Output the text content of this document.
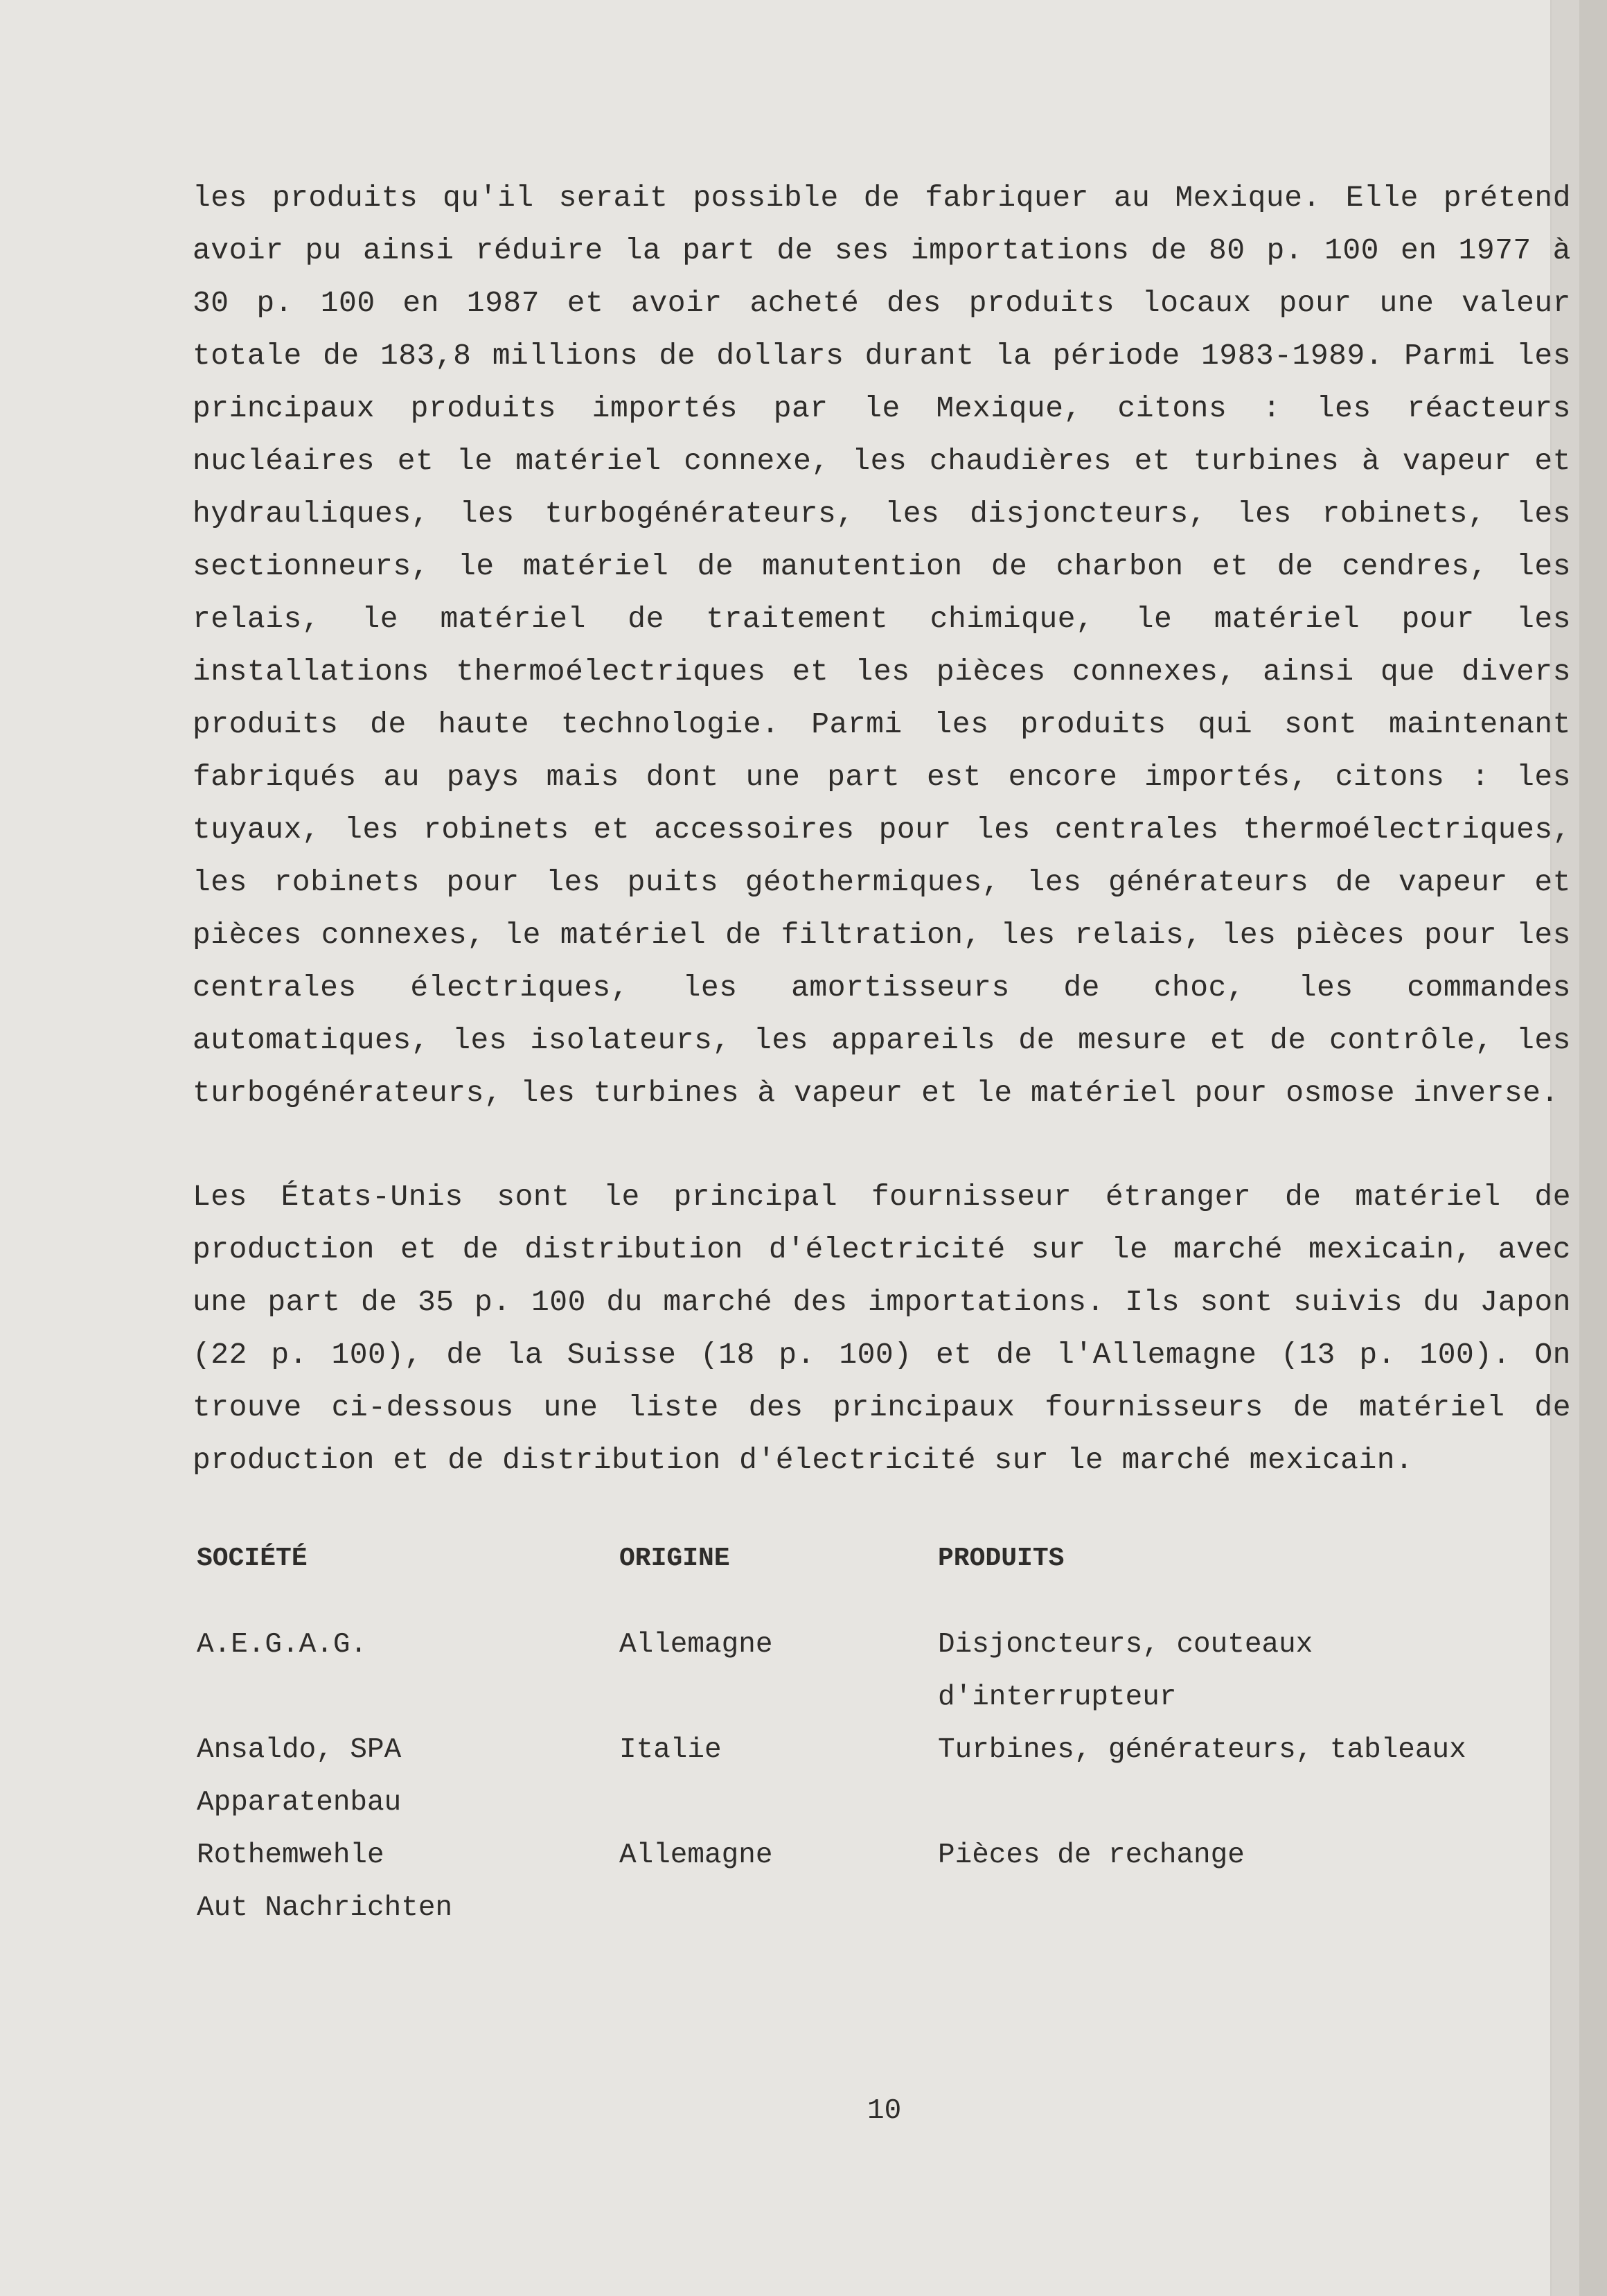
les produits qu'il serait possible de fabriquer au Mexique. Elle prétend avoir pu ainsi réduire la part de ses importations de 80 p. 100 en 1977 à 30 p. 100 en 1987 et avoir acheté des produits locaux pour une valeur totale de 183,8 millions de dollars durant la période 1983-1989. Parmi les principaux produits importés par le Mexique, citons : les réacteurs nucléaires et le matériel connexe, les chaudières et turbines à vapeur et hydrauliques, les turbogénérateurs, les disjoncteurs, les robinets, les sectionneurs, le matériel de manutention de charbon et de cendres, les relais, le matériel de traitement chimique, le matériel pour les installations thermoélectriques et les pièces connexes, ainsi que divers produits de haute technologie. Parmi les produits qui sont maintenant fabriqués au pays mais dont une part est encore importés, citons : les tuyaux, les robinets et accessoires pour les centrales thermoélectriques, les robinets pour les puits géothermiques, les générateurs de vapeur et pièces connexes, le matériel de filtration, les relais, les pièces pour les centrales électriques, les amortisseurs de choc, les commandes automatiques, les isolateurs, les appareils de mesure et de contrôle, les turbogénérateurs, les turbines à vapeur et le matériel pour osmose inverse.

Les États-Unis sont le principal fournisseur étranger de matériel de production et de distribution d'électricité sur le marché mexicain, avec une part de 35 p. 100 du marché des importations. Ils sont suivis du Japon (22 p. 100), de la Suisse (18 p. 100) et de l'Allemagne (13 p. 100). On trouve ci-dessous une liste des principaux fournisseurs de matériel de production et de distribution d'électricité sur le marché mexicain.

SOCIÉTÉ	ORIGINE	PRODUITS

A.E.G.A.G.	Allemagne	Disjoncteurs, couteaux
d'interrupteur

Ansaldo, SPA	Italie	Turbines, générateurs, tableaux

Apparatenbau
Rothemwehle
Aut Nachrichten	Allemagne	Pièces de rechange
10
